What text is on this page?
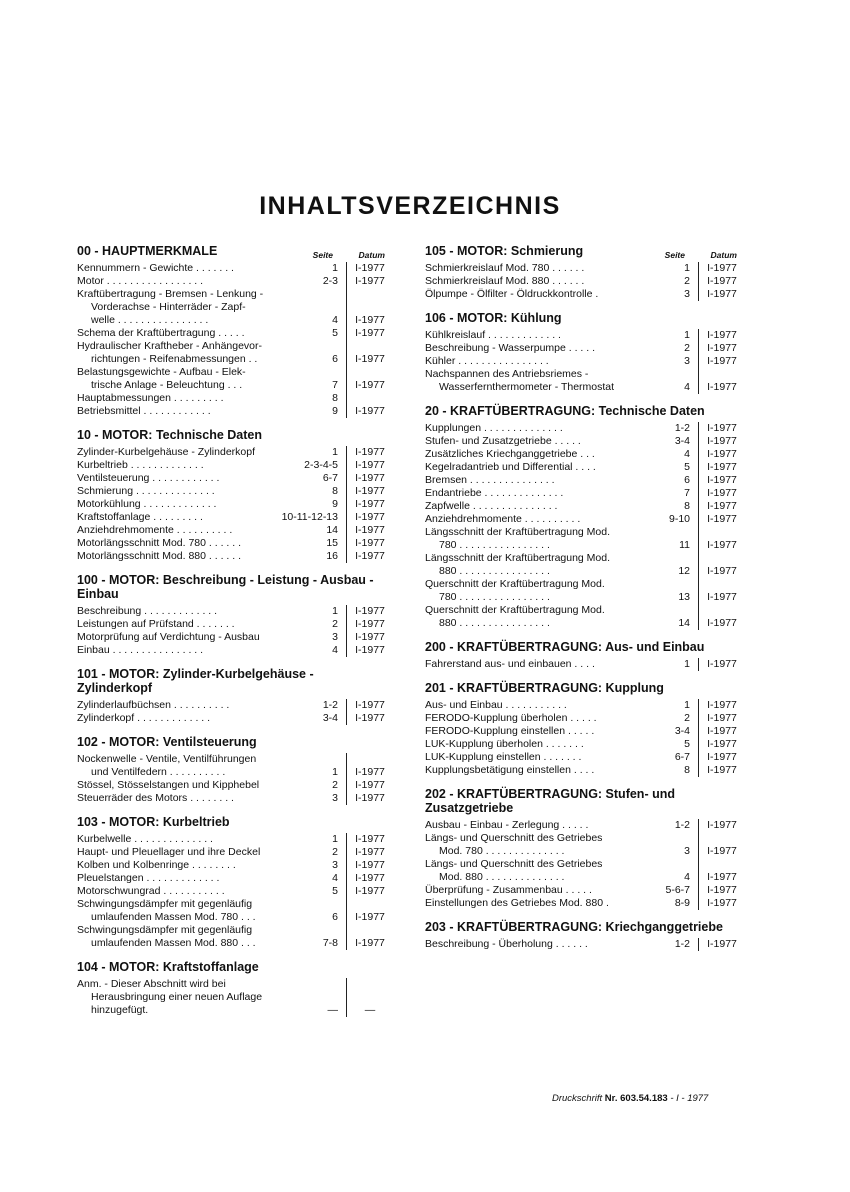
INHALTSVERZEICHNIS
00 - HAUPTMERKMALE	Seite	Datum
Kennummern - Gewichte . . . . . . .	1	I-1977
Motor . . . . . . . . . . . . . . . . .	2-3	I-1977
Kraftübertragung - Bremsen - Lenkung -
Vorderachse - Hinterräder - Zapf-
welle . . . . . . . . . . . . . . . .	4	I-1977
Schema der Kraftübertragung . . . . .	5	I-1977
Hydraulischer Kraftheber - Anhängevor-
richtungen - Reifenabmessungen . .	6	I-1977
Belastungsgewichte - Aufbau - Elek-
trische Anlage - Beleuchtung . . .	7	I-1977
Hauptabmessungen . . . . . . . . .	8
Betriebsmittel . . . . . . . . . . . .	9	I-1977
10 - MOTOR: Technische Daten
Zylinder-Kurbelgehäuse - Zylinderkopf	1	I-1977
Kurbeltrieb . . . . . . . . . . . . .	2-3-4-5	I-1977
Ventilsteuerung . . . . . . . . . . . .	6-7	I-1977
Schmierung . . . . . . . . . . . . . .	8	I-1977
Motorkühlung . . . . . . . . . . . . .	9	I-1977
Kraftstoffanlage . . . . . . . . .	10-11-12-13	I-1977
Anziehdrehmomente . . . . . . . . . .	14	I-1977
Motorlängsschnitt Mod. 780 . . . . . .	15	I-1977
Motorlängsschnitt Mod. 880 . . . . . .	16	I-1977
100 - MOTOR: Beschreibung - Leistung - Ausbau - Einbau
Beschreibung . . . . . . . . . . . . .	1	I-1977
Leistungen auf Prüfstand . . . . . . .	2	I-1977
Motorprüfung auf Verdichtung - Ausbau	3	I-1977
Einbau . . . . . . . . . . . . . . . .	4	I-1977
101 - MOTOR: Zylinder-Kurbelgehäuse - Zylinderkopf
Zylinderlaufbüchsen . . . . . . . . . .	1-2	I-1977
Zylinderkopf . . . . . . . . . . . . .	3-4	I-1977
102 - MOTOR: Ventilsteuerung
Nockenwelle - Ventile, Ventilführungen
und Ventilfedern . . . . . . . . . .	1	I-1977
Stössel, Stösselstangen und Kipphebel	2	I-1977
Steuerräder des Motors . . . . . . . .	3	I-1977
103 - MOTOR: Kurbeltrieb
Kurbelwelle . . . . . . . . . . . . . .	1	I-1977
Haupt- und Pleuellager und ihre Deckel	2	I-1977
Kolben und Kolbenringe . . . . . . . .	3	I-1977
Pleuelstangen . . . . . . . . . . . . .	4	I-1977
Motorschwungrad . . . . . . . . . . .	5	I-1977
Schwingungsdämpfer mit gegenläufig
umlaufenden Massen Mod. 780 . . .	6	I-1977
Schwingungsdämpfer mit gegenläufig
umlaufenden Massen Mod. 880 . . .	7-8	I-1977
104 - MOTOR: Kraftstoffanlage
Anm. - Dieser Abschnitt wird bei
Herausbringung einer neuen Auflage
hinzugefügt.	—	—
105 - MOTOR: Schmierung	Seite	Datum
Schmierkreislauf Mod. 780 . . . . . .	1	I-1977
Schmierkreislauf Mod. 880 . . . . . .	2	I-1977
Ölpumpe - Ölfilter - Öldruckkontrolle .	3	I-1977
106 - MOTOR: Kühlung
Kühlkreislauf . . . . . . . . . . . . .	1	I-1977
Beschreibung - Wasserpumpe . . . . .	2	I-1977
Kühler . . . . . . . . . . . . . . . .	3	I-1977
Nachspannen des Antriebsriemes -
Wasserfernthermometer - Thermostat	4	I-1977
20 - KRAFTÜBERTRAGUNG: Technische Daten
Kupplungen . . . . . . . . . . . . . .	1-2	I-1977
Stufen- und Zusatzgetriebe . . . . .	3-4	I-1977
Zusätzliches Kriechganggetriebe . . .	4	I-1977
Kegelradantrieb und Differential . . . .	5	I-1977
Bremsen . . . . . . . . . . . . . . .	6	I-1977
Endantriebe . . . . . . . . . . . . . .	7	I-1977
Zapfwelle . . . . . . . . . . . . . . .	8	I-1977
Anziehdrehmomente . . . . . . . . . .	9-10	I-1977
Längsschnitt der Kraftübertragung Mod.
780 . . . . . . . . . . . . . . . .	11	I-1977
Längsschnitt der Kraftübertragung Mod.
880 . . . . . . . . . . . . . . . .	12	I-1977
Querschnitt der Kraftübertragung Mod.
780 . . . . . . . . . . . . . . . .	13	I-1977
Querschnitt der Kraftübertragung Mod.
880 . . . . . . . . . . . . . . . .	14	I-1977
200 - KRAFTÜBERTRAGUNG: Aus- und Einbau
Fahrerstand aus- und einbauen . . . .	1	I-1977
201 - KRAFTÜBERTRAGUNG: Kupplung
Aus- und Einbau . . . . . . . . . . .	1	I-1977
FERODO-Kupplung überholen . . . . .	2	I-1977
FERODO-Kupplung einstellen . . . . .	3-4	I-1977
LUK-Kupplung überholen . . . . . . .	5	I-1977
LUK-Kupplung einstellen . . . . . . .	6-7	I-1977
Kupplungsbetätigung einstellen . . . .	8	I-1977
202 - KRAFTÜBERTRAGUNG: Stufen- und Zusatzgetriebe
Ausbau - Einbau - Zerlegung . . . . .	1-2	I-1977
Längs- und Querschnitt des Getriebes
Mod. 780 . . . . . . . . . . . . . .	3	I-1977
Längs- und Querschnitt des Getriebes
Mod. 880 . . . . . . . . . . . . . .	4	I-1977
Überprüfung - Zusammenbau . . . . .	5-6-7	I-1977
Einstellungen des Getriebes Mod. 880 .	8-9	I-1977
203 - KRAFTÜBERTRAGUNG: Kriechganggetriebe
Beschreibung - Überholung . . . . . .	1-2	I-1977
Druckschrift Nr. 603.54.183 - I - 1977
